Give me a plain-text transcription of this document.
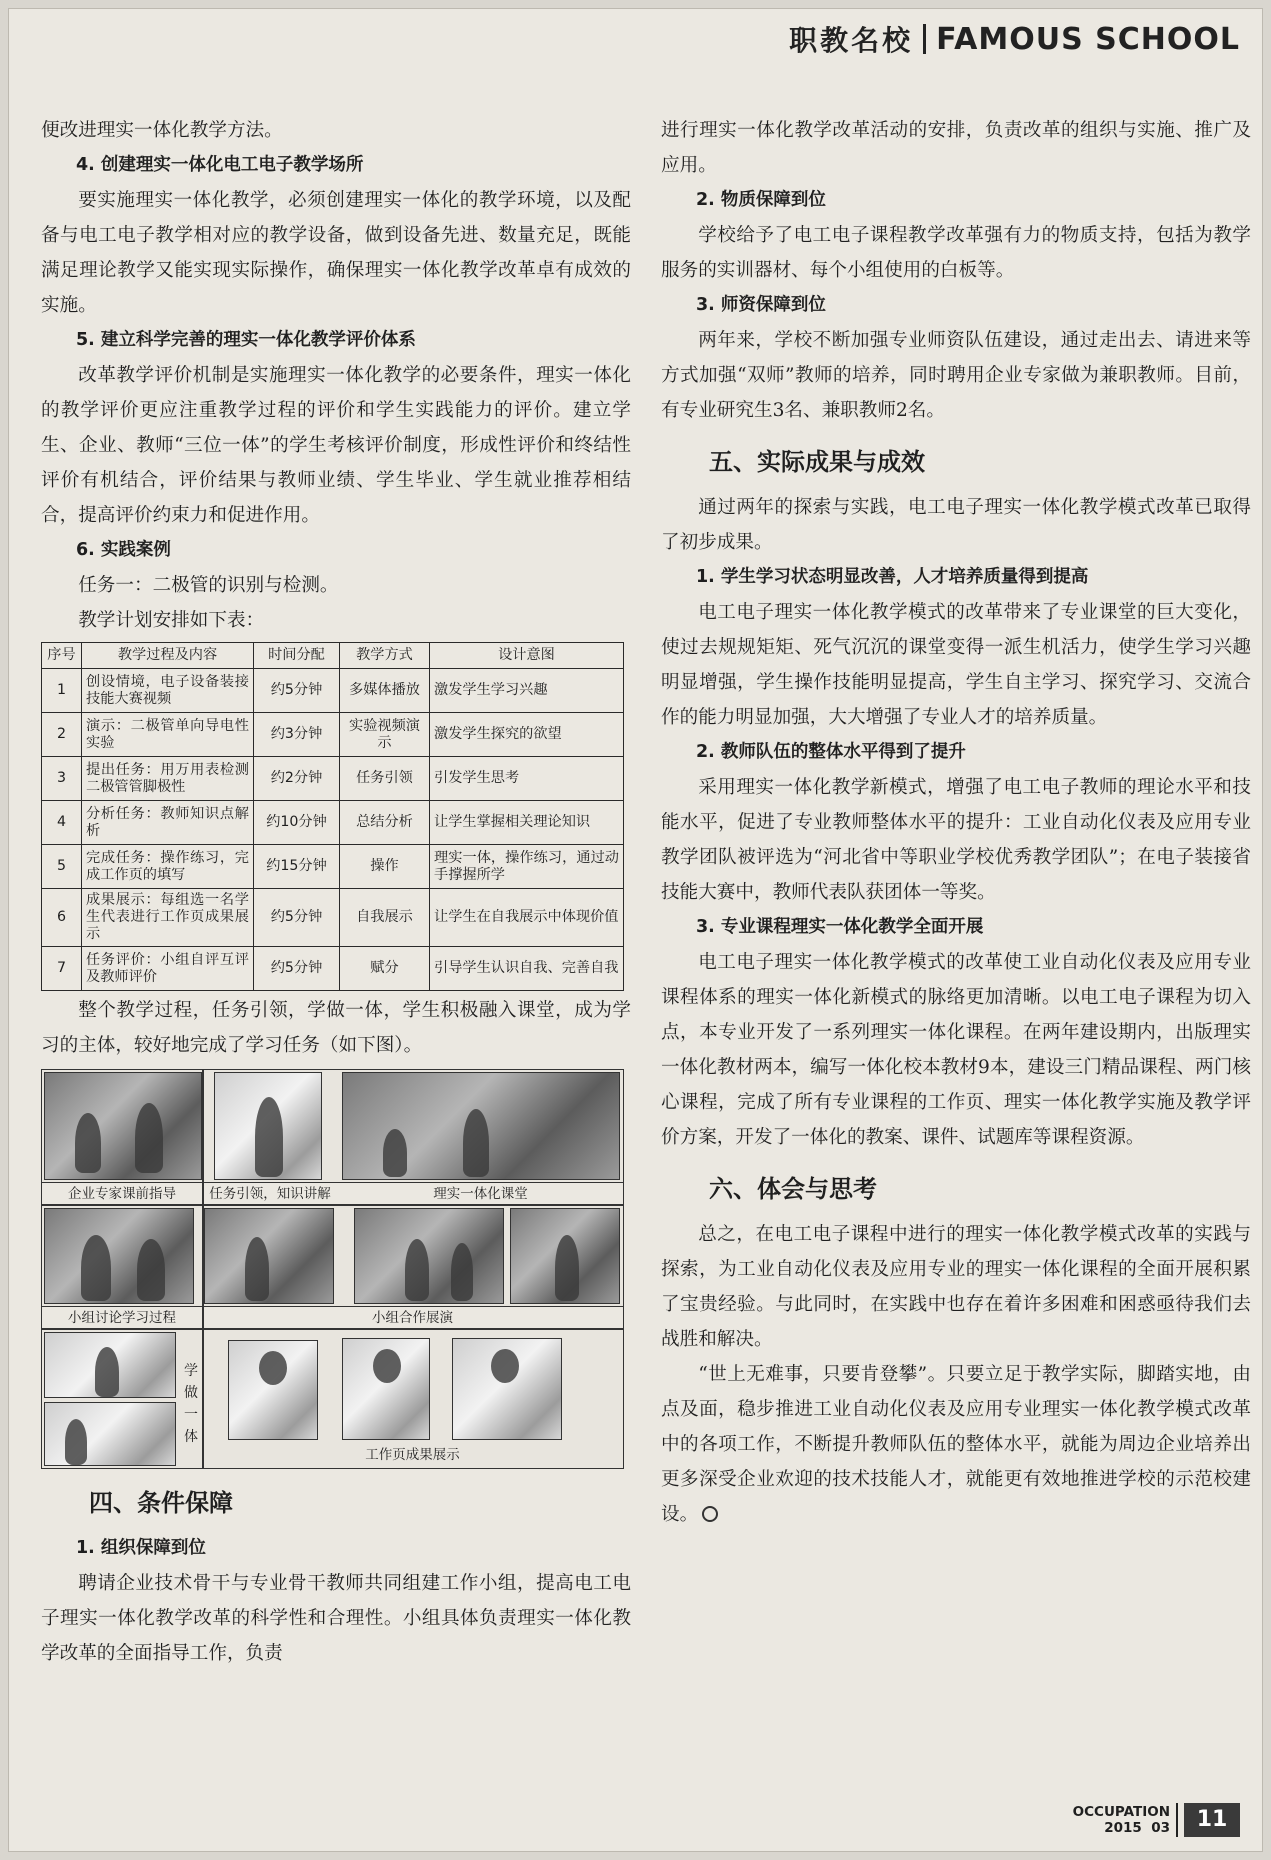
职教名校 FAMOUS SCHOOL
便改进理实一体化教学方法。
4. 创建理实一体化电工电子教学场所
要实施理实一体化教学，必须创建理实一体化的教学环境，以及配备与电工电子教学相对应的教学设备，做到设备先进、数量充足，既能满足理论教学又能实现实际操作，确保理实一体化教学改革卓有成效的实施。
5. 建立科学完善的理实一体化教学评价体系
改革教学评价机制是实施理实一体化教学的必要条件，理实一体化的教学评价更应注重教学过程的评价和学生实践能力的评价。建立学生、企业、教师“三位一体”的学生考核评价制度，形成性评价和终结性评价有机结合，评价结果与教师业绩、学生毕业、学生就业推荐相结合，提高评价约束力和促进作用。
6. 实践案例
任务一：二极管的识别与检测。
教学计划安排如下表：
序号	教学过程及内容	时间分配	教学方式	设计意图
1	创设情境，电子设备装接技能大赛视频	约5分钟	多媒体播放	激发学生学习兴趣
2	演示：二极管单向导电性实验	约3分钟	实验视频演示	激发学生探究的欲望
3	提出任务：用万用表检测二极管管脚极性	约2分钟	任务引领	引发学生思考
4	分析任务：教师知识点解析	约10分钟	总结分析	让学生掌握相关理论知识
5	完成任务：操作练习，完成工作页的填写	约15分钟	操作	理实一体，操作练习，通过动手撑握所学
6	成果展示：每组选一名学生代表进行工作页成果展示	约5分钟	自我展示	让学生在自我展示中体现价值
7	任务评价：小组自评互评及教师评价	约5分钟	赋分	引导学生认识自我、完善自我
整个教学过程，任务引领，学做一体，学生积极融入课堂，成为学习的主体，较好地完成了学习任务（如下图）。
企业专家课前指导	任务引领，知识讲解	理实一体化课堂
小组讨论学习过程	小组合作展演
学做一体
工作页成果展示
四、条件保障
1. 组织保障到位
聘请企业技术骨干与专业骨干教师共同组建工作小组，提高电工电子理实一体化教学改革的科学性和合理性。小组具体负责理实一体化教学改革的全面指导工作，负责
进行理实一体化教学改革活动的安排，负责改革的组织与实施、推广及应用。
2. 物质保障到位
学校给予了电工电子课程教学改革强有力的物质支持，包括为教学服务的实训器材、每个小组使用的白板等。
3. 师资保障到位
两年来，学校不断加强专业师资队伍建设，通过走出去、请进来等方式加强“双师”教师的培养，同时聘用企业专家做为兼职教师。目前，有专业研究生3名、兼职教师2名。
五、实际成果与成效
通过两年的探索与实践，电工电子理实一体化教学模式改革已取得了初步成果。
1. 学生学习状态明显改善，人才培养质量得到提高
电工电子理实一体化教学模式的改革带来了专业课堂的巨大变化，使过去规规矩矩、死气沉沉的课堂变得一派生机活力，使学生学习兴趣明显增强，学生操作技能明显提高，学生自主学习、探究学习、交流合作的能力明显加强，大大增强了专业人才的培养质量。
2. 教师队伍的整体水平得到了提升
采用理实一体化教学新模式，增强了电工电子教师的理论水平和技能水平，促进了专业教师整体水平的提升：工业自动化仪表及应用专业教学团队被评选为“河北省中等职业学校优秀教学团队”；在电子装接省技能大赛中，教师代表队获团体一等奖。
3. 专业课程理实一体化教学全面开展
电工电子理实一体化教学模式的改革使工业自动化仪表及应用专业课程体系的理实一体化新模式的脉络更加清晰。以电工电子课程为切入点，本专业开发了一系列理实一体化课程。在两年建设期内，出版理实一体化教材两本，编写一体化校本教材9本，建设三门精品课程、两门核心课程，完成了所有专业课程的工作页、理实一体化教学实施及教学评价方案，开发了一体化的教案、课件、试题库等课程资源。
六、体会与思考
总之，在电工电子课程中进行的理实一体化教学模式改革的实践与探索，为工业自动化仪表及应用专业的理实一体化课程的全面开展积累了宝贵经验。与此同时，在实践中也存在着许多困难和困惑亟待我们去战胜和解决。
“世上无难事，只要肯登攀”。只要立足于教学实际，脚踏实地，由点及面，稳步推进工业自动化仪表及应用专业理实一体化教学模式改革中的各项工作，不断提升教师队伍的整体水平，就能为周边企业培养出更多深受企业欢迎的技术技能人才，就能更有效地推进学校的示范校建设。
OCCUPATION
2015 03	11
